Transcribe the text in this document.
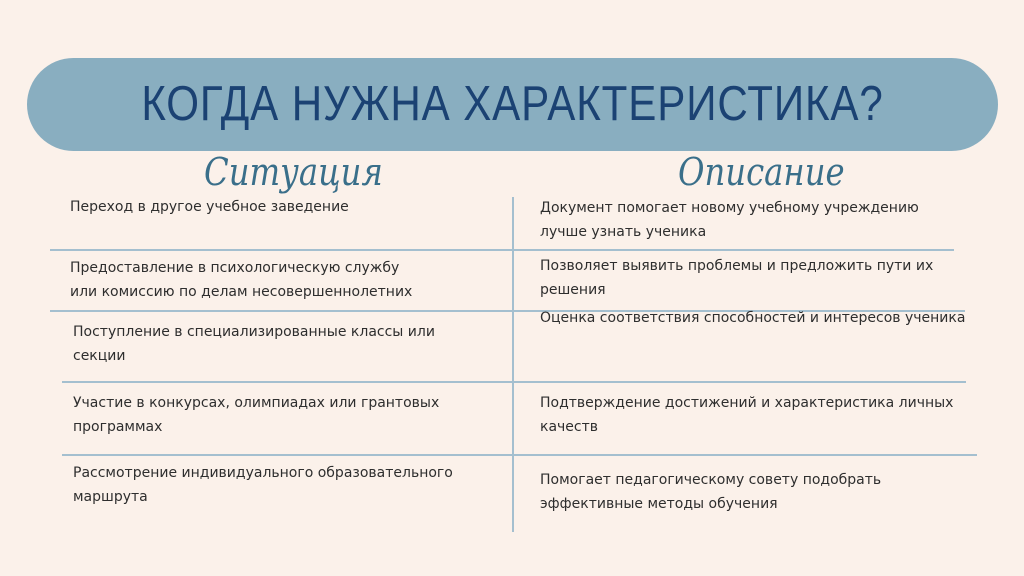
КОГДА НУЖНА ХАРАКТЕРИСТИКА?
Ситуация	Описание
Переход в другое учебное заведение	Документ помогает новому учебному учреждению лучше узнать ученика
Предоставление в психологическую службу или комиссию по делам несовершеннолетних
Позволяет выявить проблемы и предложить пути их решения
Поступление в специализированные классы или секции
Оценка соответствия способностей и интересов ученика
Участие в конкурсах, олимпиадах или грантовых программах
Подтверждение достижений и характеристика личных качеств
Рассмотрение индивидуального образовательного маршрута
Помогает педагогическому совету подобрать эффективные методы обучения
